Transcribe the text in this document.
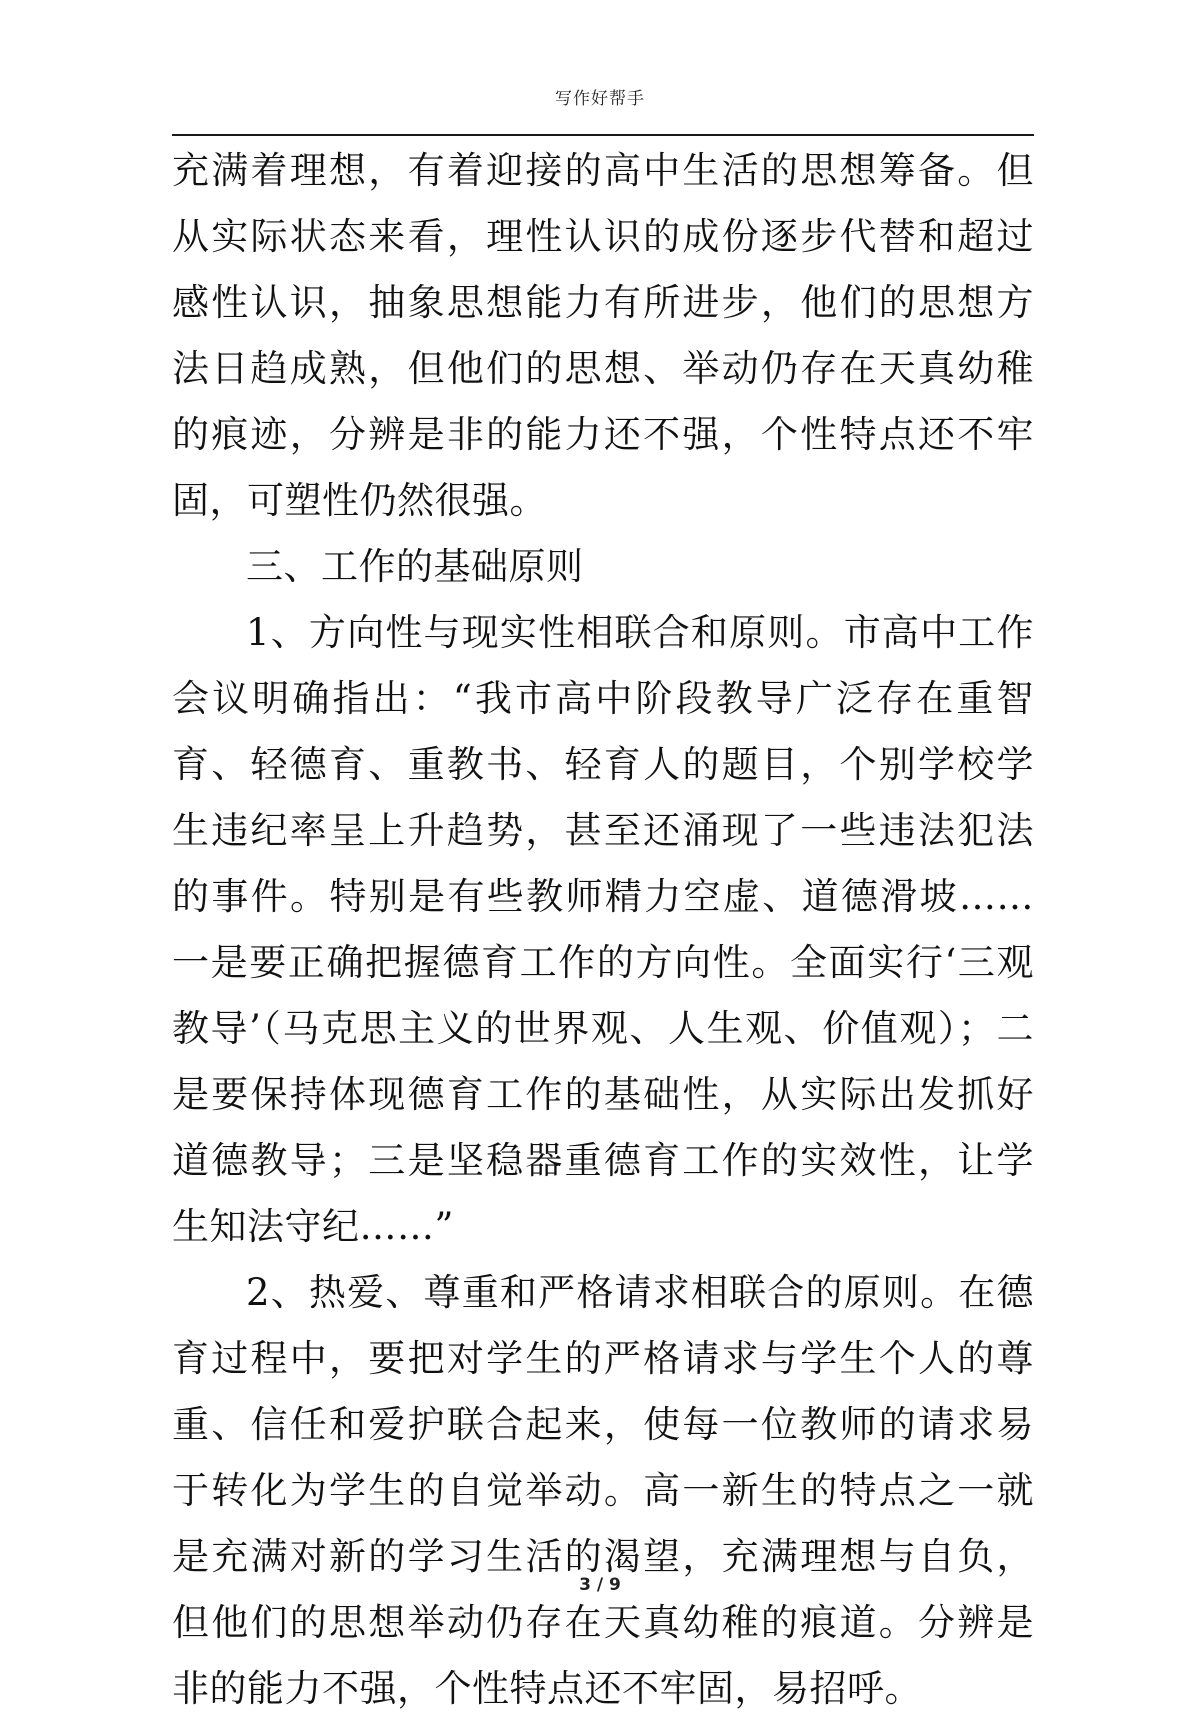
写作好帮手

充满着理想，有着迎接的高中生活的思想筹备。但从实际状态来看，理性认识的成份逐步代替和超过感性认识，抽象思想能力有所进步，他们的思想方法日趋成熟，但他们的思想、举动仍存在天真幼稚的痕迹，分辨是非的能力还不强，个性特点还不牢固，可塑性仍然很强。

三、工作的基础原则

1、方向性与现实性相联合和原则。市高中工作会议明确指出：“我市高中阶段教导广泛存在重智育、轻德育、重教书、轻育人的题目，个别学校学生违纪率呈上升趋势，甚至还涌现了一些违法犯法的事件。特别是有些教师精力空虚、道德滑坡……一是要正确把握德育工作的方向性。全面实行‘三观教导’（马克思主义的世界观、人生观、价值观）；二是要保持体现德育工作的基础性，从实际出发抓好道德教导；三是坚稳器重德育工作的实效性，让学生知法守纪……”

2、热爱、尊重和严格请求相联合的原则。在德育过程中，要把对学生的严格请求与学生个人的尊重、信任和爱护联合起来，使每一位教师的请求易于转化为学生的自觉举动。高一新生的特点之一就是充满对新的学习生活的渴望，充满理想与自负，但他们的思想举动仍存在天真幼稚的痕道。分辨是非的能力不强，个性特点还不牢固，易招呼。

3 / 9
